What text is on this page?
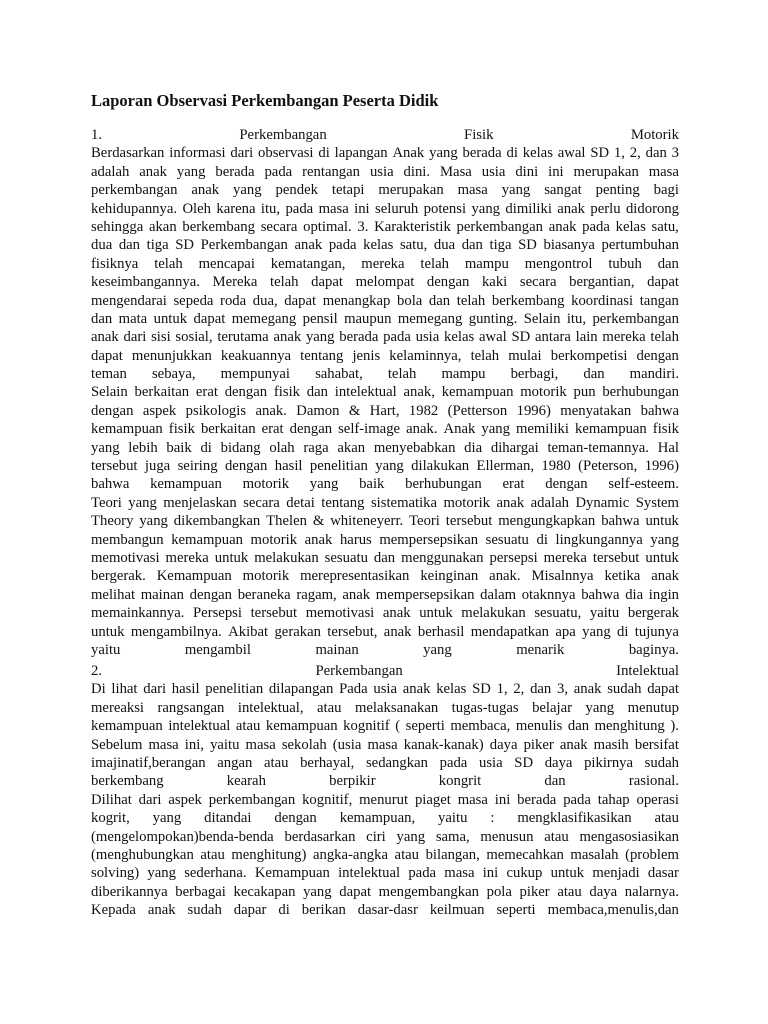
Laporan Observasi Perkembangan Peserta Didik
1.	Perkembangan	Fisik	Motorik
Berdasarkan informasi dari observasi di lapangan Anak yang berada di kelas awal SD 1, 2, dan 3
adalah anak yang berada pada rentangan usia dini. Masa usia dini ini merupakan masa
perkembangan anak yang pendek tetapi merupakan masa yang sangat penting bagi
kehidupannya. Oleh karena itu, pada masa ini seluruh potensi yang dimiliki anak perlu didorong
sehingga akan berkembang secara optimal. 3. Karakteristik perkembangan anak pada kelas satu,
dua dan tiga SD Perkembangan anak pada kelas satu, dua dan tiga SD biasanya pertumbuhan
fisiknya telah mencapai kematangan, mereka telah mampu mengontrol tubuh dan
keseimbangannya. Mereka telah dapat melompat dengan kaki secara bergantian, dapat
mengendarai sepeda roda dua, dapat menangkap bola dan telah berkembang koordinasi tangan
dan mata untuk dapat memegang pensil maupun memegang gunting. Selain itu, perkembangan
anak dari sisi sosial, terutama anak yang berada pada usia kelas awal SD antara lain mereka telah
dapat menunjukkan keakuannya tentang jenis kelaminnya, telah mulai berkompetisi dengan
teman sebaya, mempunyai sahabat, telah mampu berbagi, dan mandiri.
Selain berkaitan erat dengan fisik dan intelektual anak, kemampuan motorik pun berhubungan
dengan aspek psikologis anak. Damon & Hart, 1982 (Petterson 1996) menyatakan bahwa
kemampuan fisik berkaitan erat dengan self-image anak. Anak yang memiliki kemampuan fisik
yang lebih baik di bidang olah raga akan menyebabkan dia dihargai teman-temannya. Hal
tersebut juga seiring dengan hasil penelitian yang dilakukan Ellerman, 1980 (Peterson, 1996)
bahwa kemampuan motorik yang baik berhubungan erat dengan self-esteem.
Teori yang menjelaskan secara detai tentang sistematika motorik anak adalah Dynamic System
Theory yang dikembangkan Thelen & whiteneyerr. Teori tersebut mengungkapkan bahwa untuk
membangun kemampuan motorik anak harus mempersepsikan sesuatu di lingkungannya yang
memotivasi mereka untuk melakukan sesuatu dan menggunakan persepsi mereka tersebut untuk
bergerak. Kemampuan motorik merepresentasikan keinginan anak. Misalnnya ketika anak
melihat mainan dengan beraneka ragam, anak mempersepsikan dalam otaknnya bahwa dia ingin
memainkannya. Persepsi tersebut memotivasi anak untuk melakukan sesuatu, yaitu bergerak
untuk mengambilnya. Akibat gerakan tersebut, anak berhasil mendapatkan apa yang di tujunya
yaitu	mengambil	mainan	yang	menarik	baginya.
2.	Perkembangan	Intelektual
Di lihat dari hasil penelitian dilapangan Pada usia anak kelas SD 1, 2, dan 3, anak sudah dapat
mereaksi rangsangan intelektual, atau melaksanakan tugas-tugas belajar yang menutup
kemampuan intelektual atau kemampuan kognitif ( seperti membaca, menulis dan menghitung ).
Sebelum masa ini, yaitu masa sekolah (usia masa kanak-kanak) daya piker anak masih bersifat
imajinatif,berangan angan atau berhayal, sedangkan pada usia SD daya pikirnya sudah
berkembang	kearah	berpikir	kongrit	dan	rasional.
Dilihat dari aspek perkembangan kognitif, menurut piaget masa ini berada pada tahap operasi
kogrit, yang ditandai dengan kemampuan, yaitu : mengklasifikasikan atau
(mengelompokan)benda-benda berdasarkan ciri yang sama, menusun atau mengasosiasikan
(menghubungkan atau menghitung) angka-angka atau bilangan, memecahkan masalah (problem
solving) yang sederhana. Kemampuan intelektual pada masa ini cukup untuk menjadi dasar
diberikannya berbagai kecakapan yang dapat mengembangkan pola piker atau daya nalarnya.
Kepada anak sudah dapar di berikan dasar-dasr keilmuan seperti membaca,menulis,dan
